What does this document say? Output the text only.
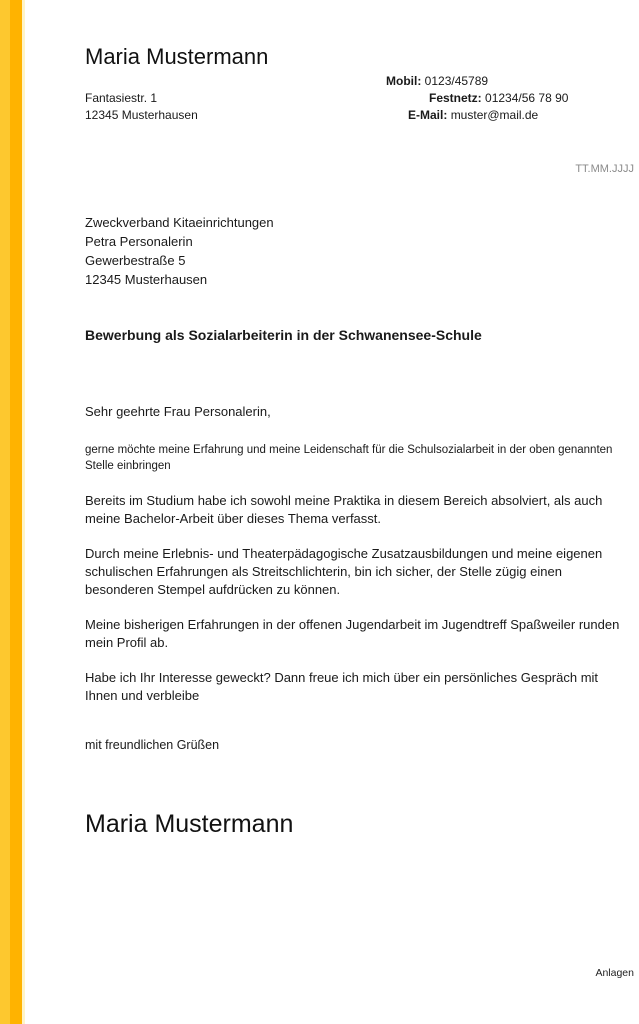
Maria Mustermann
Fantasiestr. 1
12345 Musterhausen
Mobil: 0123/45789
Festnetz: 01234/56 78 90
E-Mail: muster@mail.de
TT.MM.JJJJ
Zweckverband Kitaeinrichtungen
Petra Personalerin
Gewerbestraße 5
12345 Musterhausen
Bewerbung als Sozialarbeiterin in der Schwanensee-Schule
Sehr geehrte Frau Personalerin,
gerne möchte meine Erfahrung und meine Leidenschaft für die Schulsozialarbeit in der oben genannten Stelle einbringen
Bereits im Studium habe ich sowohl meine Praktika in diesem Bereich absolviert, als auch meine Bachelor-Arbeit über dieses Thema verfasst.
Durch meine Erlebnis- und Theaterpädagogische Zusatzausbildungen und meine eigenen schulischen Erfahrungen als Streitschlichterin, bin ich sicher, der Stelle zügig einen besonderen Stempel aufdrücken zu können.
Meine bisherigen Erfahrungen in der offenen Jugendarbeit im Jugendtreff Spaßweiler runden mein Profil ab.
Habe ich Ihr Interesse geweckt? Dann freue ich mich über ein persönliches Gespräch mit Ihnen und verbleibe
mit freundlichen Grüßen
Maria Mustermann
Anlagen
